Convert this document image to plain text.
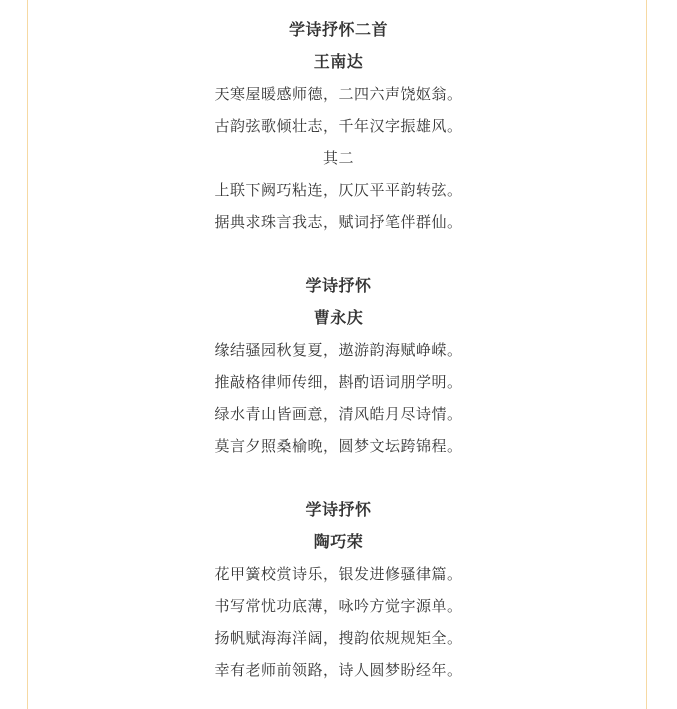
学诗抒怀二首
王南达
天寒屋暖感师德，二四六声饶妪翁。
古韵弦歌倾壮志，千年汉字振雄风。
其二
上联下阙巧粘连，仄仄平平韵转弦。
据典求珠言我志，赋词抒笔伴群仙。
学诗抒怀
曹永庆
缘结骚园秋复夏，遨游韵海赋峥嵘。
推敲格律师传细，斟酌语词朋学明。
绿水青山皆画意，清风皓月尽诗情。
莫言夕照桑榆晚，圆梦文坛跨锦程。
学诗抒怀
陶巧荣
花甲簧校赏诗乐，银发进修骚律篇。
书写常忧功底薄，咏吟方觉字源单。
扬帆赋海海洋阔，搜韵依规规矩全。
幸有老师前领路，诗人圆梦盼经年。
